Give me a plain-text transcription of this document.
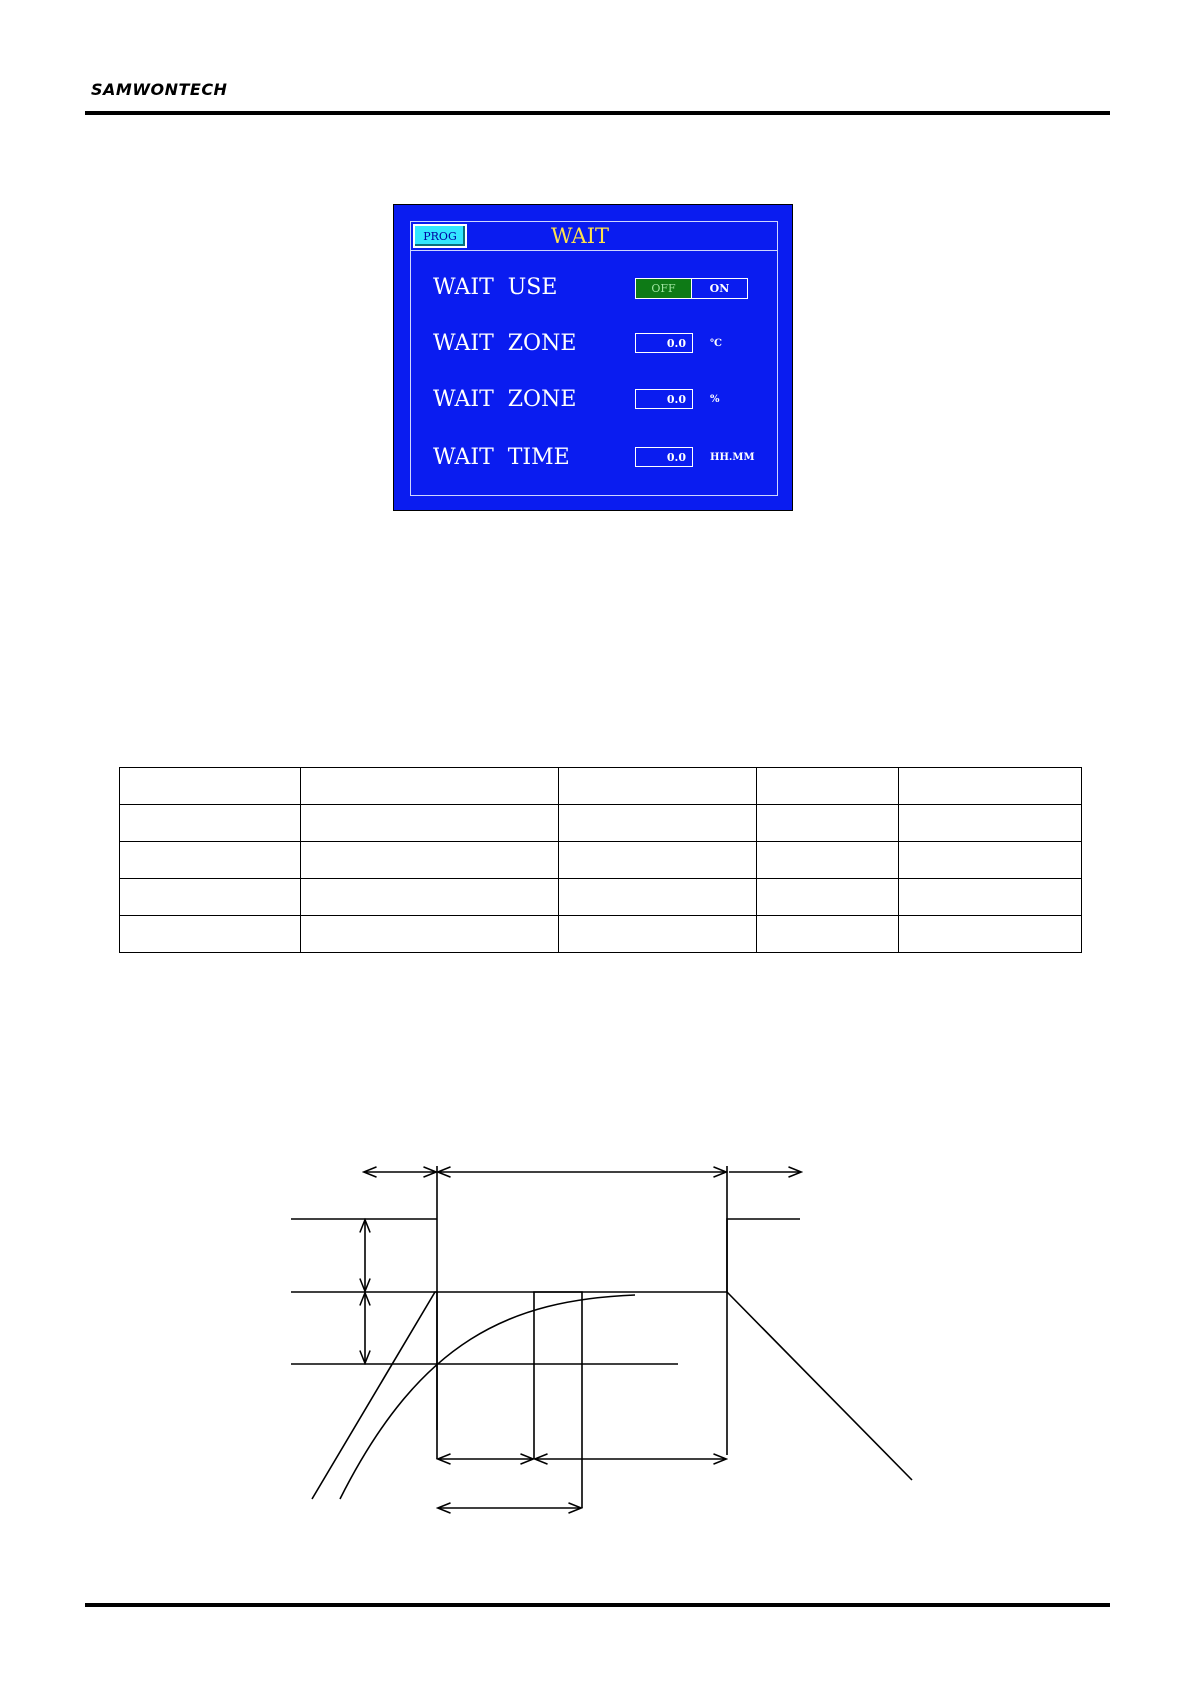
SAMWONTECH
PROG	WAIT
WAIT  USE	OFF	ON
WAIT  ZONE	0.0	℃
WAIT  ZONE	0.0	%
WAIT  TIME	0.0	HH.MM
